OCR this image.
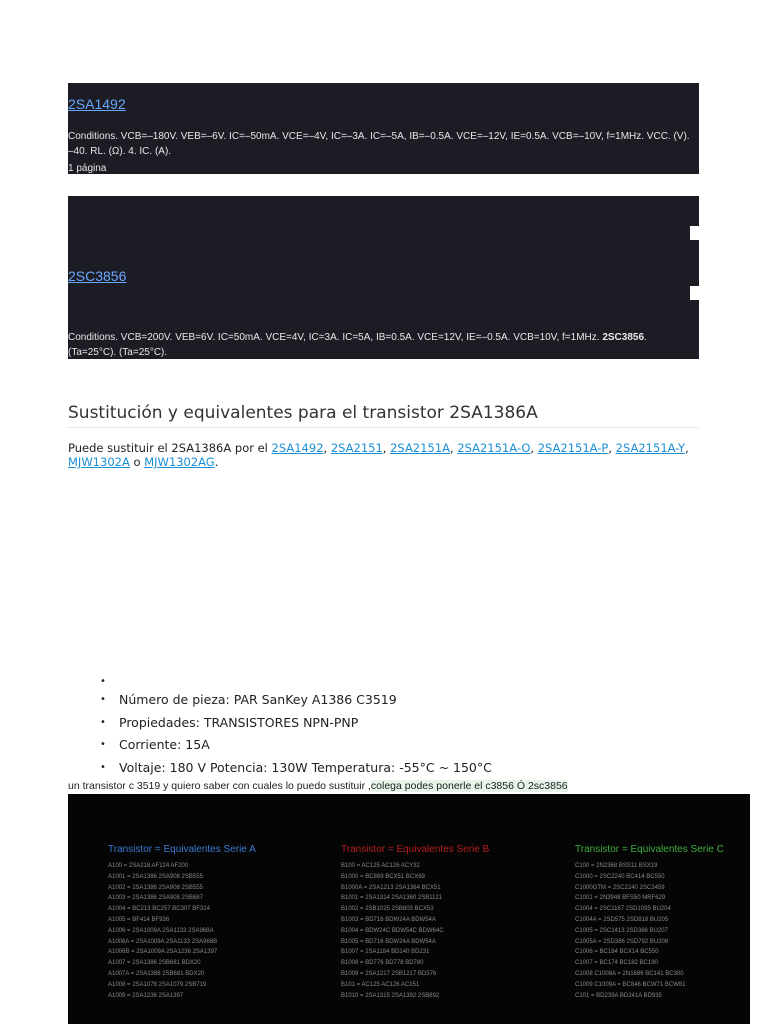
2SA1492
Conditions. VCB=–180V. VEB=–6V. IC=–50mA. VCE=–4V, IC=–3A. IC=–5A, IB=–0.5A. VCE=–12V, IE=0.5A. VCB=–10V, f=1MHz. VCC. (V). –40. RL. (Ω). 4. IC. (A).
1 página
2SC3856
Conditions. VCB=200V. VEB=6V. IC=50mA. VCE=4V, IC=3A. IC=5A, IB=0.5A. VCE=12V, IE=–0.5A. VCB=10V, f=1MHz. 2SC3856. (Ta=25°C). (Ta=25°C).
Sustitución y equivalentes para el transistor 2SA1386A

Puede sustituir el 2SA1386A por el 2SA1492, 2SA2151, 2SA2151A, 2SA2151A-O, 2SA2151A-P, 2SA2151A-Y, MJW1302A o MJW1302AG.

•
• Número de pieza: PAR SanKey A1386 C3519
• Propiedades: TRANSISTORES NPN-PNP
• Corriente: 15A
• Voltaje: 180 V Potencia: 130W Temperatura: -55°C ~ 150°C
un transistor c 3519 y quiero saber con cuales lo puedo sustituir ,colega podes ponerle el c3856 Ó 2sc3856
Transistor = Equivalentes Serie A
A100 = 2SA218 AF124 AF200
A1001 = 2SA1386 2SA908 2SB555
A1002 = 2SA1386 2SA908 2SB555
A1003 = 2SA1386 2SA908 2SB687
A1004 = BC213 BC257 BC307 BF324
A1005 = BF414 BF936
A1006 = 2SA1009A 2SA1133 2SA968A
A1006A = 2SA1009A 2SA1133 2SA968B
A1006B = 2SA1009A 2SA1236 2SA1397
A1007 = 2SA1386 2SB681 BDX20
A1007A = 2SA1386 2SB681 BDX20
A1008 = 2SA1078 2SA1079 2SB719
A1009 = 2SA1236 2SA1397
Transistor = Equivalentes Serie B
B100 = AC125 AC126 ACY32
B1000 = BC869 BCX51 BCX69
B1000A = 2SA1213 2SA1364 BCX51
B1001 = 2SA1314 2SA1360 2SB1121
B1002 = 2SB1025 2SB803 BCX53
B1003 = BD716 BDW24A BDW54A
B1004 = BDW24C BDW54C BDW64C
B1005 = BD716 BDW24A BDW54A
B1007 = 2SA1184 BD140 BD231
B1008 = BD776 BD778 BD780
B1009 = 2SA1217 2SB1217 BD376
B101 = AC125 AC126 AC151
B1010 = 2SA1315 2SA1392 2SB892
Transistor = Equivalentes Serie C
C100 = 2N2368 BSS11 BSX19
C1000 = 2SC2240 BC414 BC550
C1000GTM = 2SC2240 2SC2459
C1001 = 2N3948 BFS50 MRF629
C1004 = 2SC1167 2SD1095 BU204
C1004A = 2SD575 2SD818 BU205
C1005 = 2SC1413 2SD386 BU207
C1005A = 2SD386 2SD792 BU208
C1006 = BC184 BCX14 BC550
C1007 = BC174 BC182 BC190
C1008 C1008A = 2N1686 BC141 BC300
C1009 C1009A = BC846 BCW71 BCW81
C101 = BD239A BD241A BD935
